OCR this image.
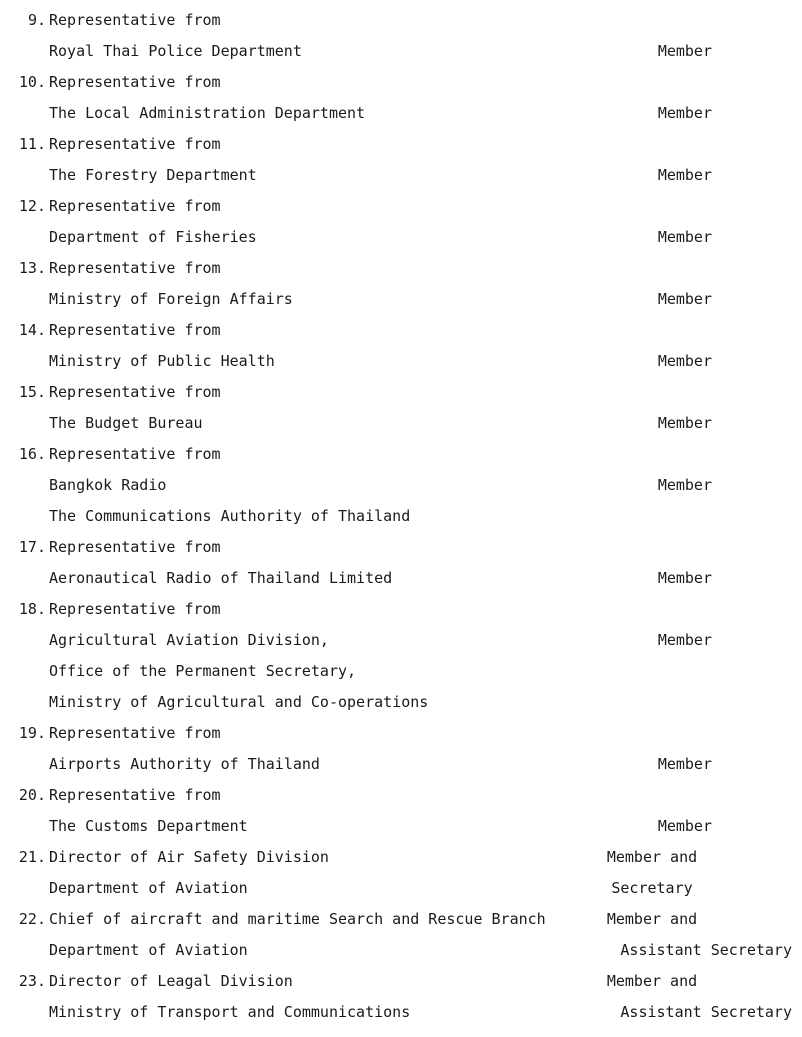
9. Representative from
Royal Thai Police Department	Member
10. Representative from
The Local Administration Department	Member
11. Representative from
The Forestry Department	Member
12. Representative from
Department of Fisheries	Member
13. Representative from
Ministry of Foreign Affairs	Member
14. Representative from
Ministry of Public Health	Member
15. Representative from
The Budget Bureau	Member
16. Representative from
Bangkok Radio	Member
The Communications Authority of Thailand
17. Representative from
Aeronautical Radio of Thailand Limited	Member
18. Representative from
Agricultural Aviation Division,	Member
Office of the Permanent Secretary,
Ministry of Agricultural and Co-operations
19. Representative from
Airports Authority of Thailand	Member
20. Representative from
The Customs Department	Member
21. Director of Air Safety Division	Member and
Department of Aviation	Secretary
22. Chief of aircraft and maritime Search and Rescue Branch	Member and
Department of Aviation	Assistant Secretary
23. Director of Leagal Division	Member and
Ministry of Transport and Communications	Assistant Secretary
